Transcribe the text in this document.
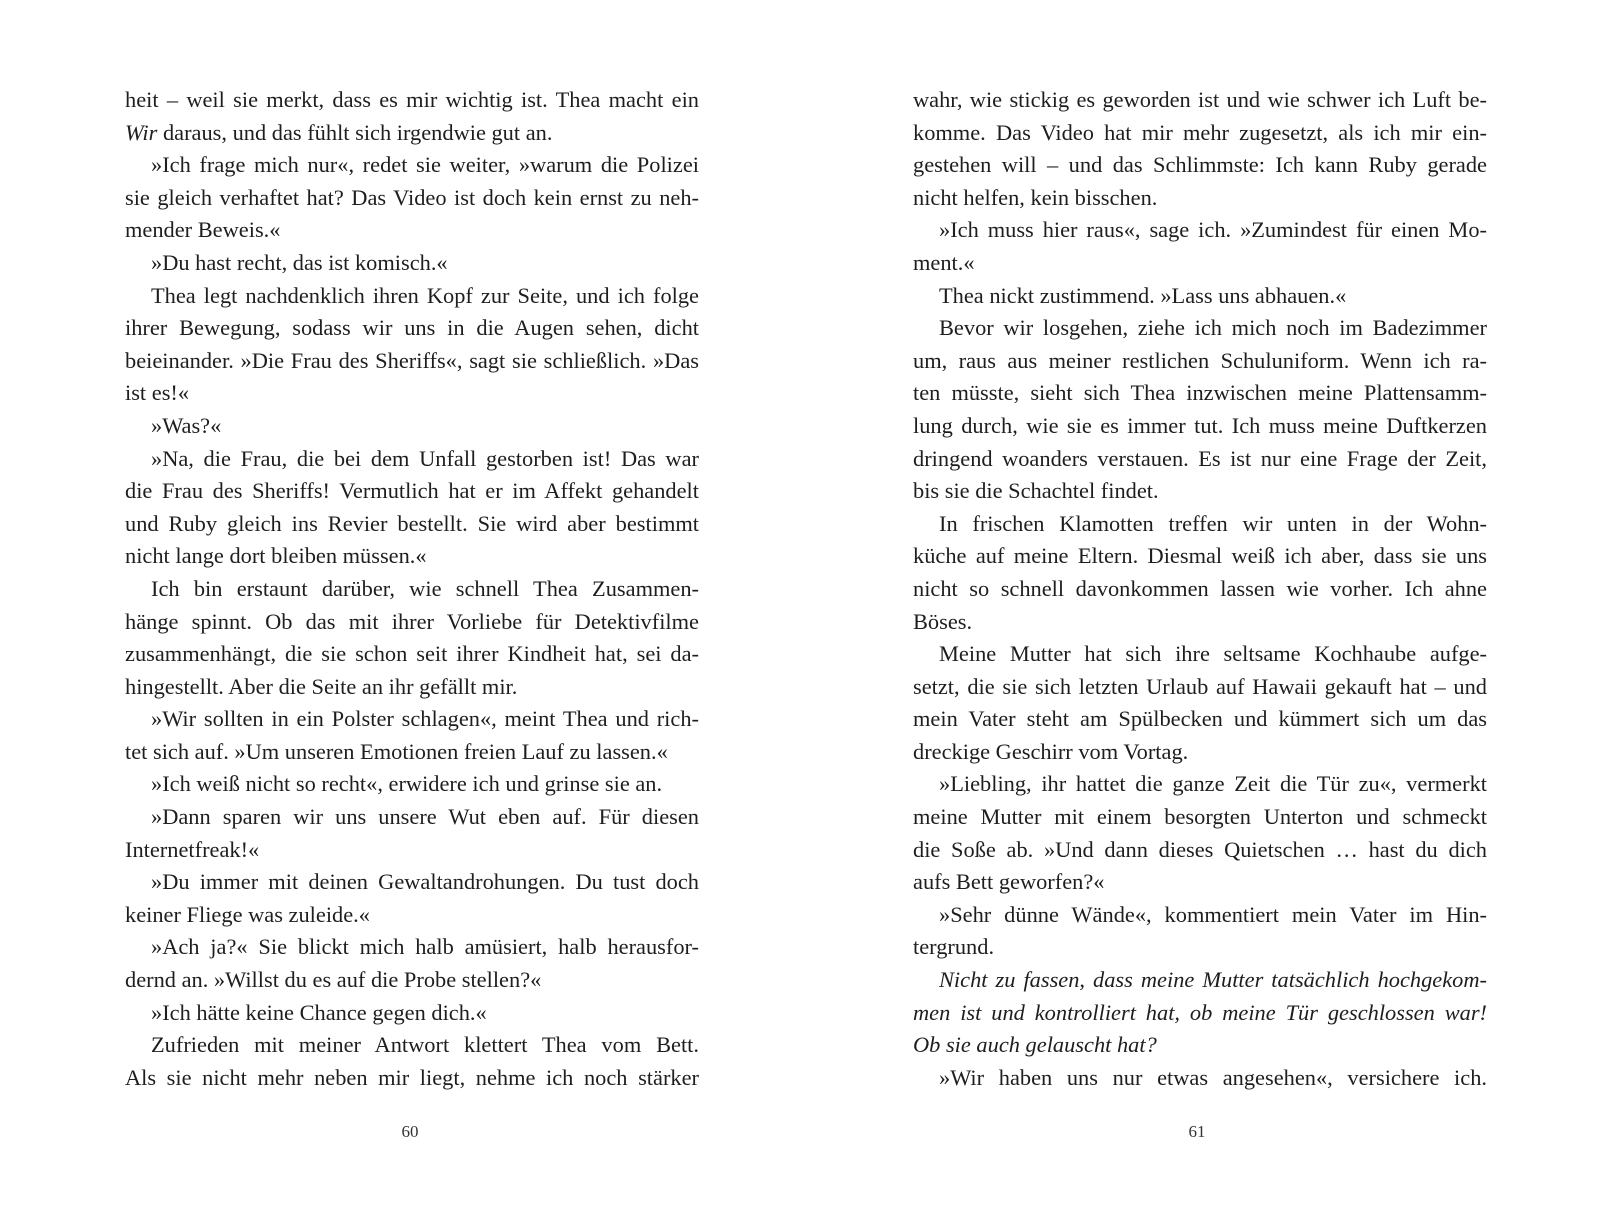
heit – weil sie merkt, dass es mir wichtig ist. Thea macht ein
Wir daraus, und das fühlt sich irgendwie gut an.
»Ich frage mich nur«, redet sie weiter, »warum die Polizei
sie gleich verhaftet hat? Das Video ist doch kein ernst zu neh-
mender Beweis.«
»Du hast recht, das ist komisch.«
Thea legt nachdenklich ihren Kopf zur Seite, und ich folge
ihrer Bewegung, sodass wir uns in die Augen sehen, dicht
beieinander. »Die Frau des Sheriffs«, sagt sie schließlich. »Das
ist es!«
»Was?«
»Na, die Frau, die bei dem Unfall gestorben ist! Das war
die Frau des Sheriffs! Vermutlich hat er im Affekt gehandelt
und Ruby gleich ins Revier bestellt. Sie wird aber bestimmt
nicht lange dort bleiben müssen.«
Ich bin erstaunt darüber, wie schnell Thea Zusammen-
hänge spinnt. Ob das mit ihrer Vorliebe für Detektivfilme
zusammenhängt, die sie schon seit ihrer Kindheit hat, sei da-
hingestellt. Aber die Seite an ihr gefällt mir.
»Wir sollten in ein Polster schlagen«, meint Thea und rich-
tet sich auf. »Um unseren Emotionen freien Lauf zu lassen.«
»Ich weiß nicht so recht«, erwidere ich und grinse sie an.
»Dann sparen wir uns unsere Wut eben auf. Für diesen
Internetfreak!«
»Du immer mit deinen Gewaltandrohungen. Du tust doch
keiner Fliege was zuleide.«
»Ach ja?« Sie blickt mich halb amüsiert, halb herausfor-
dernd an. »Willst du es auf die Probe stellen?«
»Ich hätte keine Chance gegen dich.«
Zufrieden mit meiner Antwort klettert Thea vom Bett.
Als sie nicht mehr neben mir liegt, nehme ich noch stärker
60
wahr, wie stickig es geworden ist und wie schwer ich Luft be-
komme. Das Video hat mir mehr zugesetzt, als ich mir ein-
gestehen will – und das Schlimmste: Ich kann Ruby gerade
nicht helfen, kein bisschen.
»Ich muss hier raus«, sage ich. »Zumindest für einen Mo-
ment.«
Thea nickt zustimmend. »Lass uns abhauen.«
Bevor wir losgehen, ziehe ich mich noch im Badezimmer
um, raus aus meiner restlichen Schuluniform. Wenn ich ra-
ten müsste, sieht sich Thea inzwischen meine Plattensamm-
lung durch, wie sie es immer tut. Ich muss meine Duftkerzen
dringend woanders verstauen. Es ist nur eine Frage der Zeit,
bis sie die Schachtel findet.
In frischen Klamotten treffen wir unten in der Wohn-
küche auf meine Eltern. Diesmal weiß ich aber, dass sie uns
nicht so schnell davonkommen lassen wie vorher. Ich ahne
Böses.
Meine Mutter hat sich ihre seltsame Kochhaube aufge-
setzt, die sie sich letzten Urlaub auf Hawaii gekauft hat – und
mein Vater steht am Spülbecken und kümmert sich um das
dreckige Geschirr vom Vortag.
»Liebling, ihr hattet die ganze Zeit die Tür zu«, vermerkt
meine Mutter mit einem besorgten Unterton und schmeckt
die Soße ab. »Und dann dieses Quietschen … hast du dich
aufs Bett geworfen?«
»Sehr dünne Wände«, kommentiert mein Vater im Hin-
tergrund.
Nicht zu fassen, dass meine Mutter tatsächlich hochgekom-
men ist und kontrolliert hat, ob meine Tür geschlossen war!
Ob sie auch gelauscht hat?
»Wir haben uns nur etwas angesehen«, versichere ich.
61
